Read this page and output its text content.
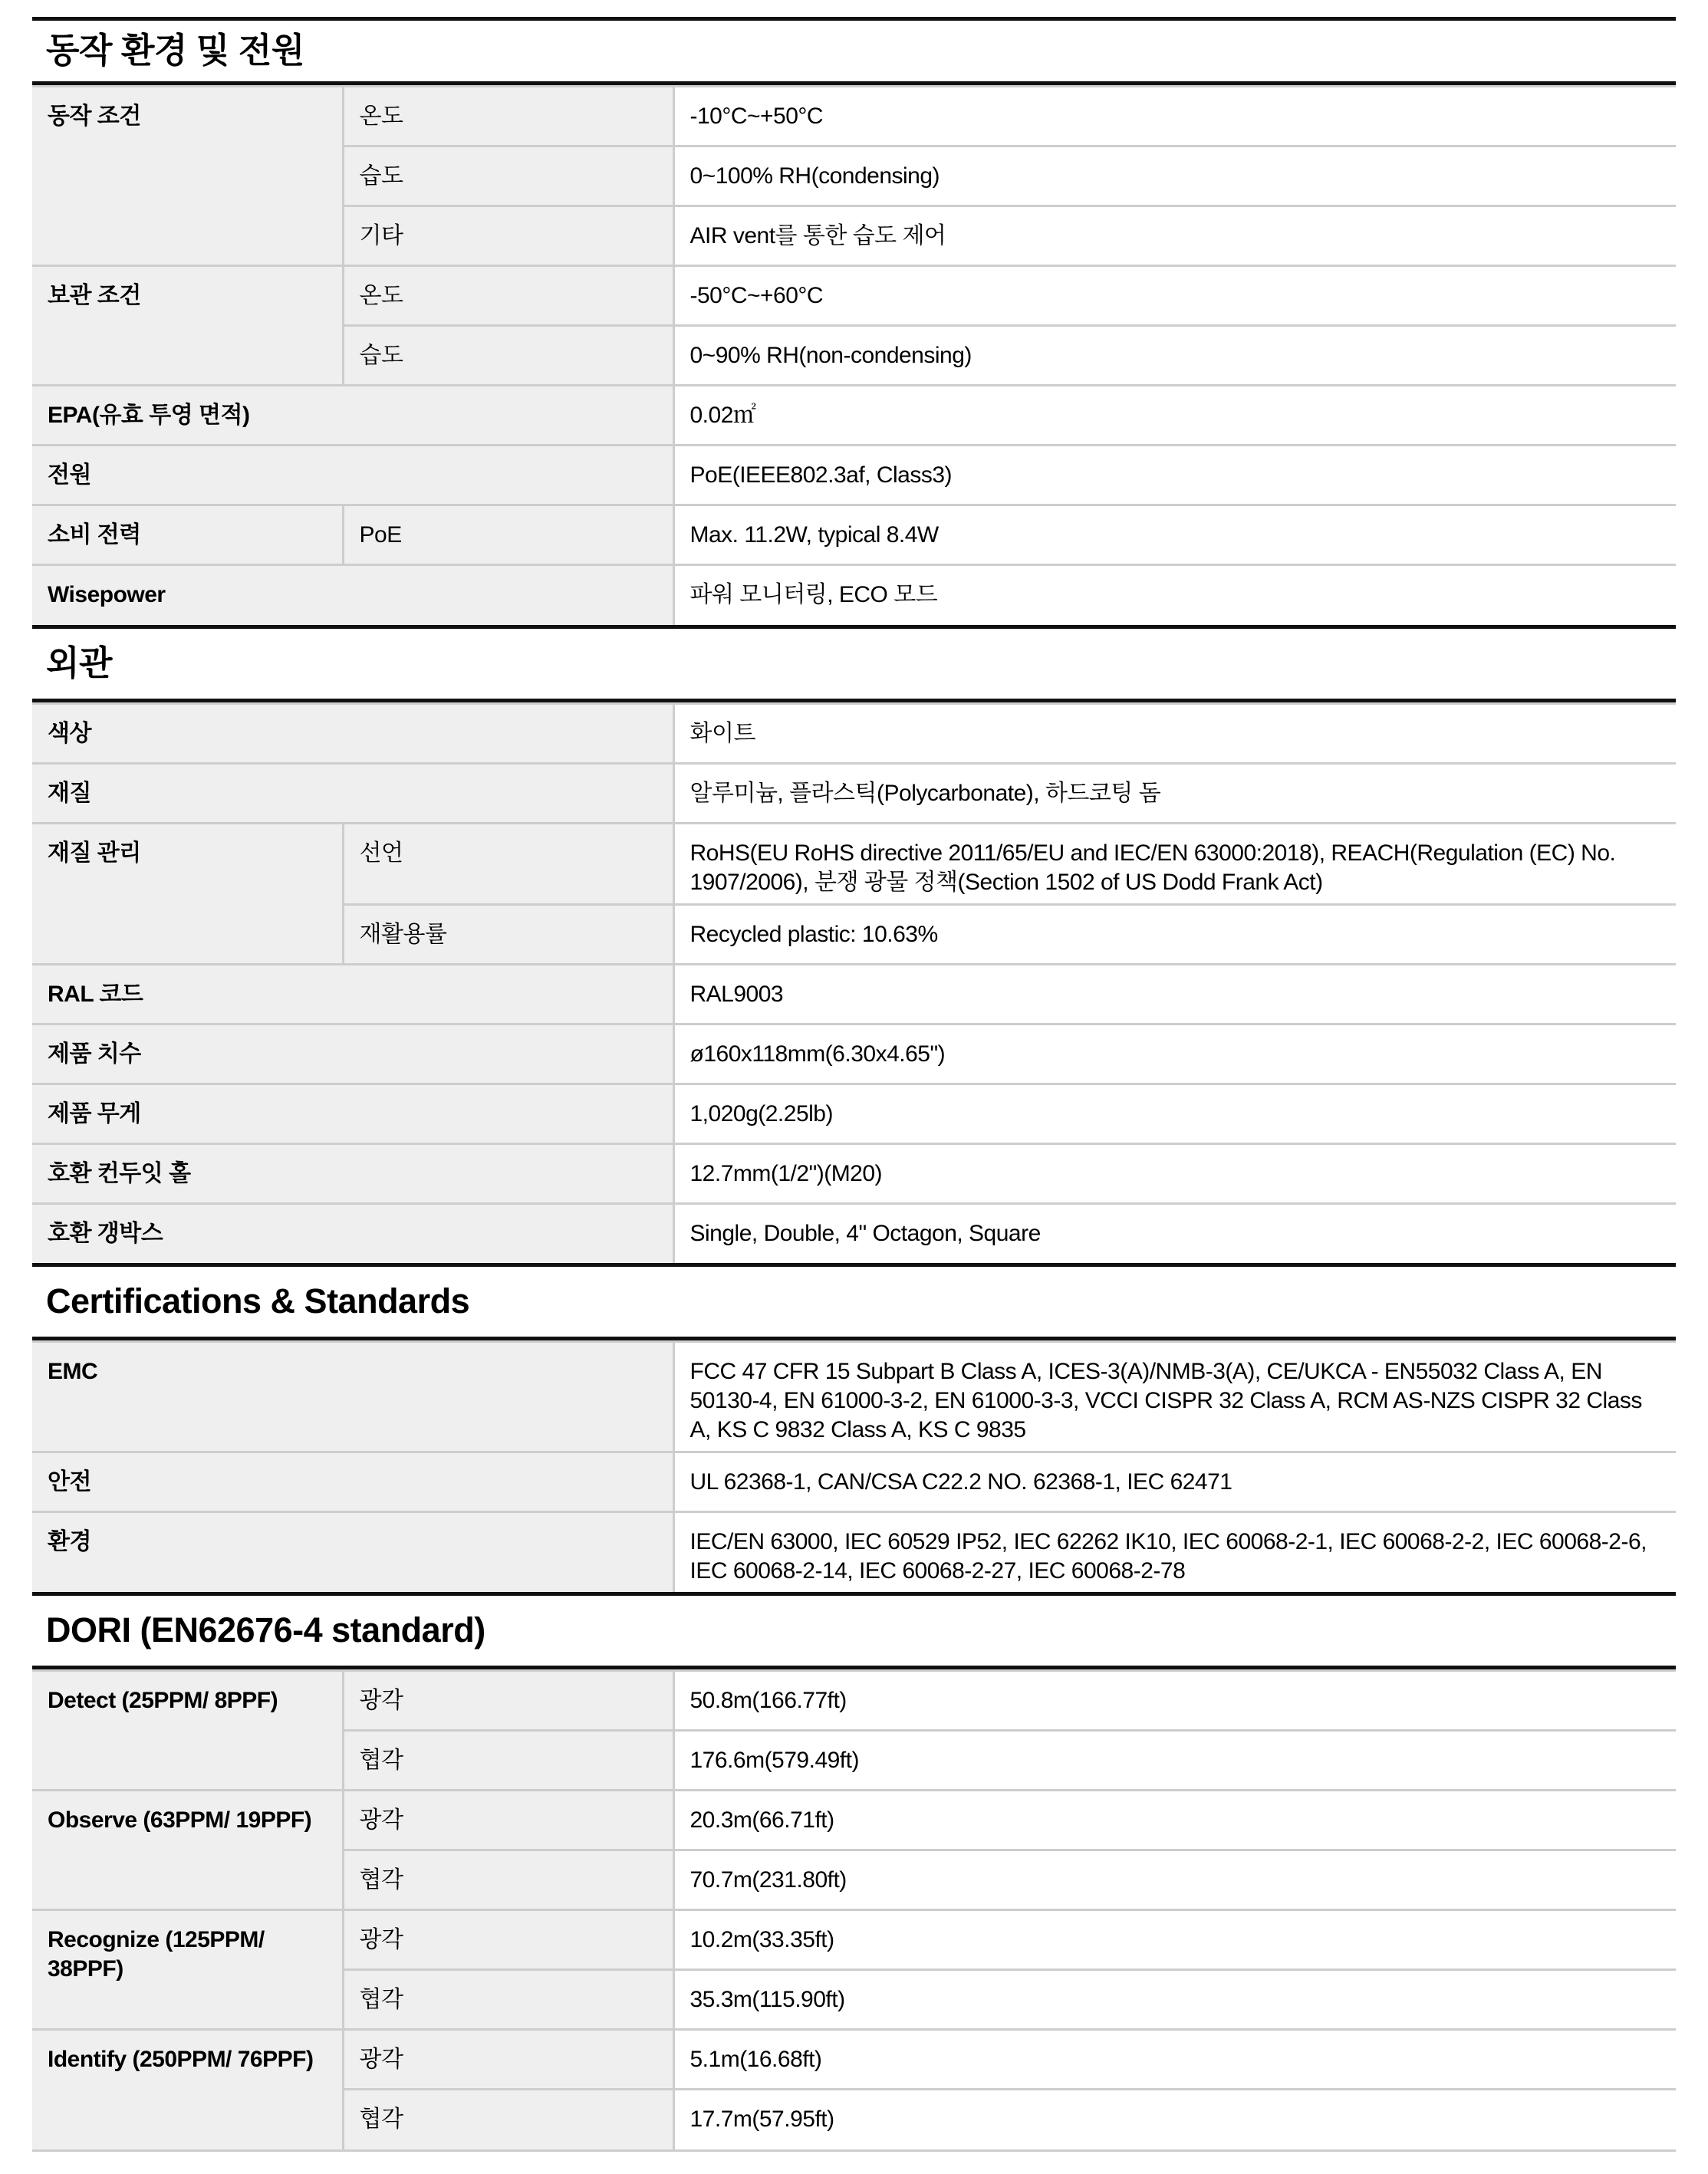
동작 환경 및 전원
동작 조건	온도	-10°C~+50°C
	습도	0~100% RH(condensing)
	기타	AIR vent를 통한 습도 제어
보관 조건	온도	-50°C~+60°C
	습도	0~90% RH(non-condensing)
EPA(유효 투영 면적)		0.02㎡
전원		PoE(IEEE802.3af, Class3)
소비 전력	PoE	Max. 11.2W, typical 8.4W
Wisepower		파워 모니터링, ECO 모드
외관
색상		화이트
재질		알루미늄, 플라스틱(Polycarbonate), 하드코팅 돔
재질 관리	선언	RoHS(EU RoHS directive 2011/65/EU and IEC/EN 63000:2018), REACH(Regulation (EC) No. 1907/2006), 분쟁 광물 정책(Section 1502 of US Dodd Frank Act)
	재활용률	Recycled plastic: 10.63%
RAL 코드		RAL9003
제품 치수		ø160x118mm(6.30x4.65")
제품 무게		1,020g(2.25lb)
호환 컨두잇 홀		12.7mm(1/2")(M20)
호환 갱박스		Single, Double, 4" Octagon, Square
Certifications & Standards
EMC	FCC 47 CFR 15 Subpart B Class A, ICES-3(A)/NMB-3(A), CE/UKCA - EN55032 Class A, EN 50130-4, EN 61000-3-2, EN 61000-3-3, VCCI CISPR 32 Class A, RCM AS-NZS CISPR 32 Class A, KS C 9832 Class A, KS C 9835
안전	UL 62368-1, CAN/CSA C22.2 NO. 62368-1, IEC 62471
환경	IEC/EN 63000, IEC 60529 IP52, IEC 62262 IK10, IEC 60068-2-1, IEC 60068-2-2, IEC 60068-2-6, IEC 60068-2-14, IEC 60068-2-27, IEC 60068-2-78
DORI (EN62676-4 standard)
Detect (25PPM/ 8PPF)	광각	50.8m(166.77ft)
	협각	176.6m(579.49ft)
Observe (63PPM/ 19PPF)	광각	20.3m(66.71ft)
	협각	70.7m(231.80ft)
Recognize (125PPM/ 38PPF)	광각	10.2m(33.35ft)
	협각	35.3m(115.90ft)
Identify (250PPM/ 76PPF)	광각	5.1m(16.68ft)
	협각	17.7m(57.95ft)
